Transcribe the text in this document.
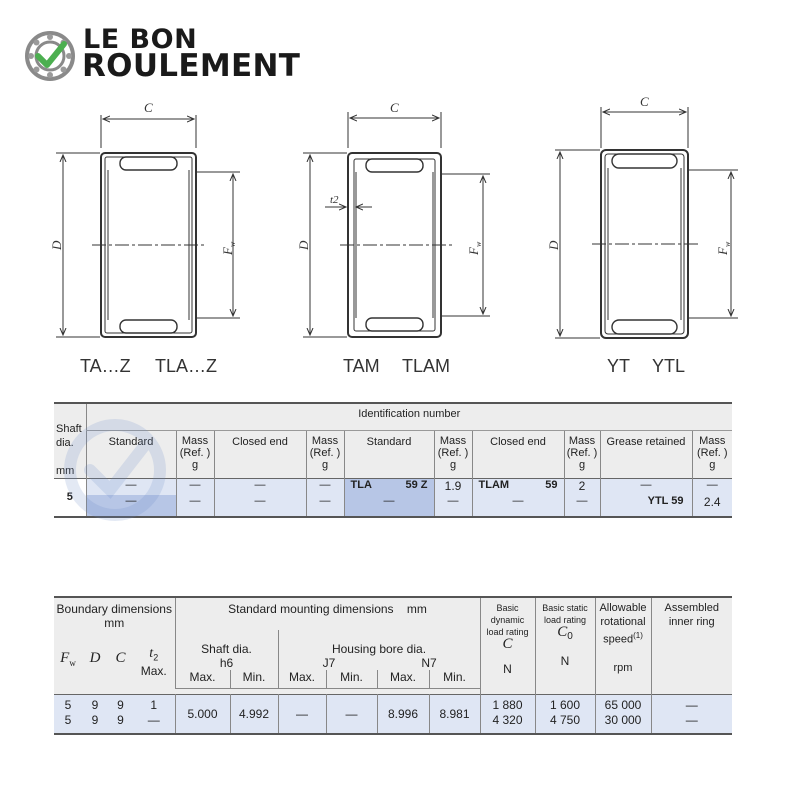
LE BON
ROULEMENT
C	C	C
t2
D	D	D
$F_w$
$F_w$
$F_w$
TA…Z TLA…Z	TAM TLAM	YT YTL
Shaft
dia.

mm	Identification number									
	Standard	Mass
(Ref. )
g	Closed end	Mass
(Ref. )
g	Standard	Mass
(Ref. )
g	Closed end	Mass
(Ref. )
g	Grease retained	Mass
(Ref. )
g

5	—	—	—	—	TLA 59 Z	1.9	TLAM 59	2	—	—
	—	—	—	—	—	—	—	—	YTL 59	2.4
Boundary dimensions
mm				Standard mounting dimensions    mm						Basic dynamic
load rating
C

N	Basic static
load rating
$C_0$

N	Allowable
rotational
speed$^{(1)}$

rpm	Assembled
inner ring
$F_w$	D	C	$t_2$
Max.	Shaft dia.
h6		Housing bore dia.
J7 N7							
				Max.	Min.	Max.	Min.	Max.	Min.				

5	9	9	1	5.000	4.992	—	—	8.996	8.981	1 880	1 600	65 000	—
5	9	9	—							4 320	4 750	30 000	—
